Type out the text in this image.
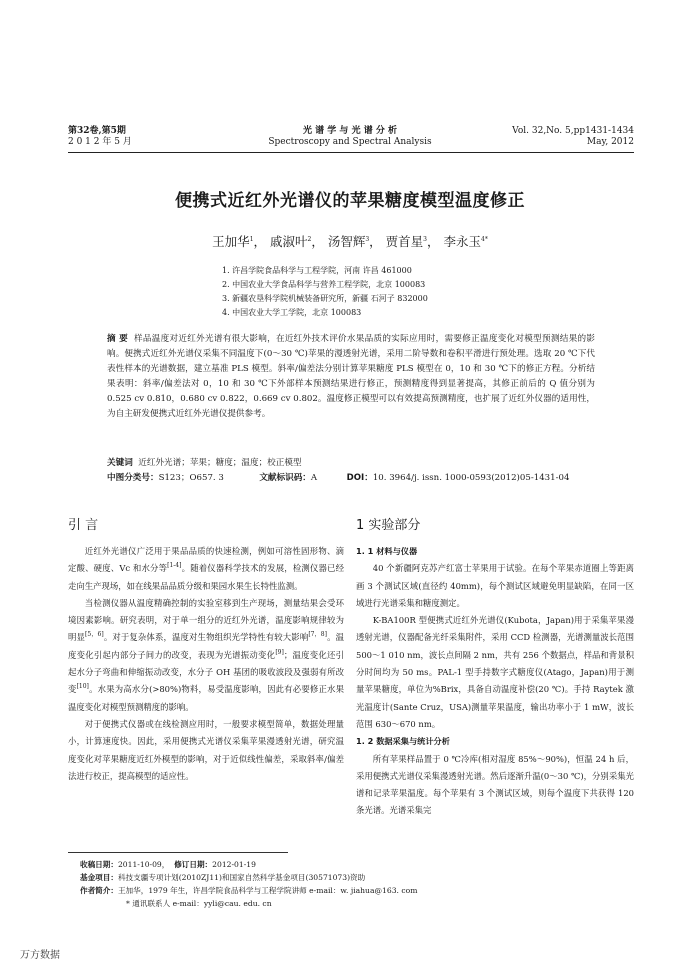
第32卷,第5期
2 0 1 2 年 5 月
光 谱 学 与 光 谱 分 析
Spectroscopy and Spectral Analysis
Vol. 32,No. 5,pp1431-1434
May, 2012
便携式近红外光谱仪的苹果糖度模型温度修正
王加华$^1$， 戚淑叶$^2$， 汤智辉$^3$， 贾首星$^3$， 李永玉$^{4*}$
1. 许昌学院食品科学与工程学院，河南 许昌 461000
2. 中国农业大学食品科学与营养工程学院，北京 100083
3. 新疆农垦科学院机械装备研究所，新疆 石河子 832000
4. 中国农业大学工学院，北京 100083
摘 要 样品温度对近红外光谱有很大影响，在近红外技术评价水果品质的实际应用时，需要修正温度变化对模型预测结果的影响。便携式近红外光谱仪采集不同温度下(0～30 ℃)苹果的漫透射光谱，采用二阶导数和卷积平滑进行预处理。选取 20 ℃下代表性样本的光谱数据，建立基准 PLS 模型。斜率/偏差法分别计算苹果糖度 PLS 模型在 0，10 和 30 ℃下的修正方程。分析结果表明：斜率/偏差法对 0，10 和 30 ℃下外部样本预测结果进行修正，预测精度得到显著提高，其修正前后的 Q 值分别为 0.525 cv 0.810，0.680 cv 0.822，0.669 cv 0.802。温度修正模型可以有效提高预测精度，也扩展了近红外仪器的适用性，为自主研发便携式近红外光谱仪提供参考。
关键词 近红外光谱；苹果；糖度；温度；校正模型
中图分类号：S123；O657. 3	文献标识码：A	DOI：10. 3964/j. issn. 1000-0593(2012)05-1431-04
引 言	1 实验部分

近红外光谱仪广泛用于果品品质的快速检测，例如可溶性固形物、滴定酸、硬度、Vc 和水分等[1-4]。随着仪器科学技术的发展，检测仪器已经走向生产现场，如在线果品品质分级和果园水果生长特性监测。

当检测仪器从温度精确控制的实验室移到生产现场，测量结果会受环境因素影响。研究表明，对于单一组分的近红外光谱，温度影响规律较为明显[5，6]。对于复杂体系，温度对生物组织光学特性有较大影响[7，8]。温度变化引起内部分子间力的改变，表现为光谱振动变化[9]；温度变化还引起水分子弯曲和伸缩振动改变，水分子 OH 基团的吸收波段及强弱有所改变[10]。水果为高水分(>80%)物料，易受温度影响，因此有必要修正水果温度变化对模型预测精度的影响。

对于便携式仪器或在线检测应用时，一般要求模型简单，数据处理量小，计算速度快。因此，采用便携式光谱仪采集苹果漫透射光谱，研究温度变化对苹果糖度近红外模型的影响，对于近似线性偏差，采取斜率/偏差法进行校正，提高模型的适应性。

1. 1 材料与仪器

40 个新疆阿克苏产红富士苹果用于试验。在每个苹果赤道圈上等距离画 3 个测试区域(直径约 40mm)，每个测试区域避免明显缺陷，在同一区域进行光谱采集和糖度测定。

K-BA100R 型便携式近红外光谱仪(Kubota，Japan)用于采集苹果漫透射光谱，仪器配备光纤采集附件，采用 CCD 检测器，光谱测量波长范围 500～1 010 nm，波长点间隔 2 nm，共有 256 个数据点，样品和背景积分时间均为 50 ms。PAL-1 型手持数字式糖度仪(Atago，Japan)用于测量苹果糖度，单位为%Brix，具备自动温度补偿(20 ℃)。手持 Raytek 激光温度计(Sante Cruz，USA)测量苹果温度，输出功率小于 1 mW，波长范围 630～670 nm。

1. 2 数据采集与统计分析

所有苹果样品置于 0 ℃冷库(相对湿度 85%～90%)，恒温 24 h 后，采用便携式光谱仪采集漫透射光谱。然后逐渐升温(0～30 ℃)，分别采集光谱和记录苹果温度。每个苹果有 3 个测试区域，则每个温度下共获得 120 条光谱。光谱采集完

收稿日期：2011-10-09， 修订日期：2012-01-19
基金项目：科技支疆专项计划(2010ZJ11)和国家自然科学基金项目(30571073)资助
作者简介：王加华，1979 年生，许昌学院食品科学与工程学院讲师 e-mail：w. jiahua@163. com
* 通讯联系人 e-mail：yyli@cau. edu. cn
万方数据
